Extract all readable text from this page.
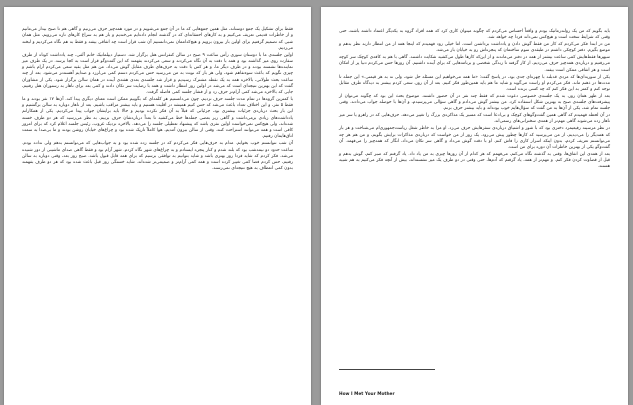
فقط برای تشکیل یک جمع دوستانه، مثل همین جمع‌هایی که ما در آن جمع می‌شویم و در مورد همه‌چیز حرف می‌زنیم و گاهی هم تا صبح بیدار می‌مانیم و از خاطرات قدیمی تعریف می‌کنیم و به کارهای احمقانه‌ای که در گذشته انجام داده‌ایم می‌خندیم و باز هم به سراغ کارهای تازه می‌رویم، مثل همان شبی که تصمیم گرفتیم برای اولین بار بیرون برویم و هیچ‌کداممان نمی‌دانستیم آن شب قرار است چه اتفاقی بیفتد و فقط به هم نگاه می‌کردیم و لبخند می‌زدیم.

اولین جلسه‌ی ما با دوستان سوری رأس ساعت ۹ صبح در سالن کنفرانس هتل برگزار شد. دستیار دیپلماتیک خانم آلفی، چند یادداشت کوتاه از طرف سفارت روی میز گذاشته بود و همه با دقت به آن نگاه می‌کردند و سعی می‌کردند بفهمند که این گفت‌وگو قرار است به کجا برسد. در یک طرف میز نماینده‌ها نشسته بودند و در طرف دیگر ما، و هر کس با دقت به حرف‌های طرف مقابل گوش می‌داد. من هم مثل بقیه سعی می‌کردم آرام باشم و چیزی نگویم که باعث سوءتفاهم شود، ولی هر بار که نوبت به من می‌رسید حس می‌کردم دستم کمی می‌لرزد و صدایم آهسته‌تر می‌شود. بعد از چند ساعت بحث طولانی، بالاخره همه به یک نقطه مشترک رسیدیم و قرار شد جلسه‌ی بعدی هفته‌ی آینده در همان سالن برگزار شود. یکی از مشاوران گفت که این بهترین نتیجه‌ای است که می‌شد در اولین روز انتظار داشت و همه با رضایت سر تکان دادند و کمی بعد برای ناهار به رستوران هتل رفتیم، جایی که بالاخره می‌شد کمی آرام‌تر حرف زد و از فشار جلسه کمی فاصله گرفت.

با کمترین گروه‌ها در تمام مدت جلسه حرف نزدیم، چون می‌دانستیم هر کلمه‌ای که بگوییم ممکن است معنای دیگری پیدا کند. آن‌ها ۱۷ نفر بودند و ما فقط ۵ نفر، و این اختلاف تعداد باعث می‌شد که حس کنیم همیشه در اقلیت هستیم و باید بیشتر مراقب باشیم. بعد از ناهار دوباره به سالن برگشتیم و این بار بحث درباره‌ی جزئیات بیشتری بود، جزئیاتی که قبلاً به آن فکر نکرده بودیم و حالا باید برایشان جواب پیدا می‌کردیم. یکی از همکارانم یادداشت‌های زیادی برمی‌داشت و گاهی زیر بعضی جمله‌ها خط می‌کشید تا بعداً درباره‌شان حرف بزنیم. به نظر می‌رسید که هر دو طرف خسته شده‌اند، ولی هیچ‌کس نمی‌خواست اولین نفری باشد که پیشنهاد تعطیلی جلسه را می‌دهد. بالاخره نزدیک غروب، رئیس جلسه اعلام کرد که برای امروز کافی است و همه می‌توانند استراحت کنند. وقتی از سالن بیرون آمدیم، هوا کاملاً تاریک شده بود و چراغ‌های خیابان روشن بودند و ما بی‌صدا به سمت اتاق‌هایمان رفتیم.

آن شب نتوانستم خوب بخوابم. مدام به حرف‌هایی فکر می‌کردم که در جلسه زده شده بود و به جواب‌هایی که می‌توانستم بدهم ولی نداده بودم. ساعت حدود دو نیمه‌شب بود که بلند شدم و کنار پنجره ایستادم و به چراغ‌های شهر نگاه کردم. شهر آرام بود و فقط گاهی صدای ماشینی از دور شنیده می‌شد. فکر کردم که شاید فردا روز بهتری باشد و شاید بتوانیم به توافقی برسیم که برای همه قابل قبول باشد. صبح روز بعد، وقتی دوباره به سالن رفتیم، حس کردم فضا کمی تغییر کرده است و همه کمی آرام‌تر و صمیمی‌تر شده‌اند. شاید خستگی روز قبل باعث شده بود که هر دو طرف بفهمند بدون کمی انعطاف به هیچ نتیجه‌ای نمی‌رسند.

باید بگویم که من یک رولندرماتیک بودم و واقعاً احساس می‌کردم که چگونه میتوان کاری کرد که همه افراد گروه به یکدیگر اعتماد داشته باشند، حتی وقتی که شرایط سخت است و هیچ‌کس نمی‌داند فردا چه خواهد شد.

من در ابتدا فکر می‌کردم که کار من فقط گوش دادن و یادداشت برداشتن است، اما خیلی زود فهمیدم که اینجا همه از من انتظار دارند نظر بدهم و موضع بگیرم. دفتر کوچکی داشتم در طبقه‌ی سوم ساختمان که پنجره‌اش رو به خیابان باز می‌شد.

سپهرها فقط‌هایش کمی ساعت بیشتر از همه در دفتر می‌ماندند و از این‌که کارها طول می‌کشید شکایت داشتند. گاهی با هم به کافه‌ی کوچک سر کوچه می‌رفتیم و درباره‌ی همه‌چیز حرف می‌زدیم، از کار گرفته تا زندگی شخصی و برنامه‌هایی که برای آینده داشتیم. آن روزها حس می‌کردم دنیا پر از امکان است و هر اتفاقی ممکن است بیفتد.

یکی از سوریه‌ای‌ها که مردی قدبلند با چهره‌ای جدی بود، در پاسخ گفت: «ما همه می‌خواهیم این مسئله حل شود، ولی نه به هر قیمتی.» این جمله تا مدت‌ها در ذهنم ماند. فکر می‌کردم او راست می‌گوید و شاید ما هم باید همین‌طور فکر کنیم. بعد از آن روز، سعی کردم بیشتر به دیدگاه طرف مقابل توجه کنم و کمتر به این فکر کنم که چه کسی برنده است.

بعد از ظهر همان روز، به یک جلسه‌ی خصوصی دعوت شدم که فقط چند نفر در آن حضور داشتند. موضوع بحث این بود که چگونه می‌توان از پیشرفت‌های جلسه‌ی صبح به بهترین شکل استفاده کرد. من بیشتر گوش می‌دادم و گاهی سؤالی می‌پرسیدم، و آن‌ها با حوصله جواب می‌دادند. وقتی جلسه تمام شد، یکی از آن‌ها به من گفت که سؤال‌هایم خوب بوده‌اند و باید بیشتر حرف بزنم.

در آن لحظه فهمیدم که گاهی همین گفت‌وگوهای کوچک و بی‌ادعا است که مسیر یک مذاکره‌ی بزرگ را تغییر می‌دهد. حرف‌هایی که در راهرو یا سر میز ناهار زده می‌شوند گاهی مهم‌تر از همه‌ی سخنرانی‌های رسمی‌اند.

در نظر مرسینه رفیعیمرد دختری بود که با شور و اشتیاق درباره‌ی سفرهایش حرف می‌زد. او مرا به خاطر شغل ریاست‌جمهوری‌ام می‌شناخت و هر بار که همدیگر را می‌دیدیم، از من می‌پرسید که کارها چطور پیش می‌رود. یک روز از من خواست که درباره‌ی مذاکرات برایش بگویم، و من هم هر چه می‌توانستم تعریف کردم، بدون اینکه اسرار کاری را فاش کنم. او با دقت گوش می‌داد و گاهی سر تکان می‌داد، انگار که همه‌چیز را می‌فهمد. آن گفت‌وگو یکی از بهترین خاطرات آن دوره برای من است.

بعد از همه‌ی این اتفاق‌ها، وقتی به گذشته نگاه می‌کنم، می‌فهمم که هر کدام از آن روزها چیزی به من یاد داد. یاد گرفتم که صبر کنم، گوش بدهم و قبل از قضاوت کردن فکر کنم. و مهم‌تر از همه، یاد گرفتم که آدم‌ها، حتی وقتی در دو طرف یک میز نشسته‌اند، بیش از آنچه فکر می‌کنیم به هم شبیه هستند.

How I Met Your Mother
